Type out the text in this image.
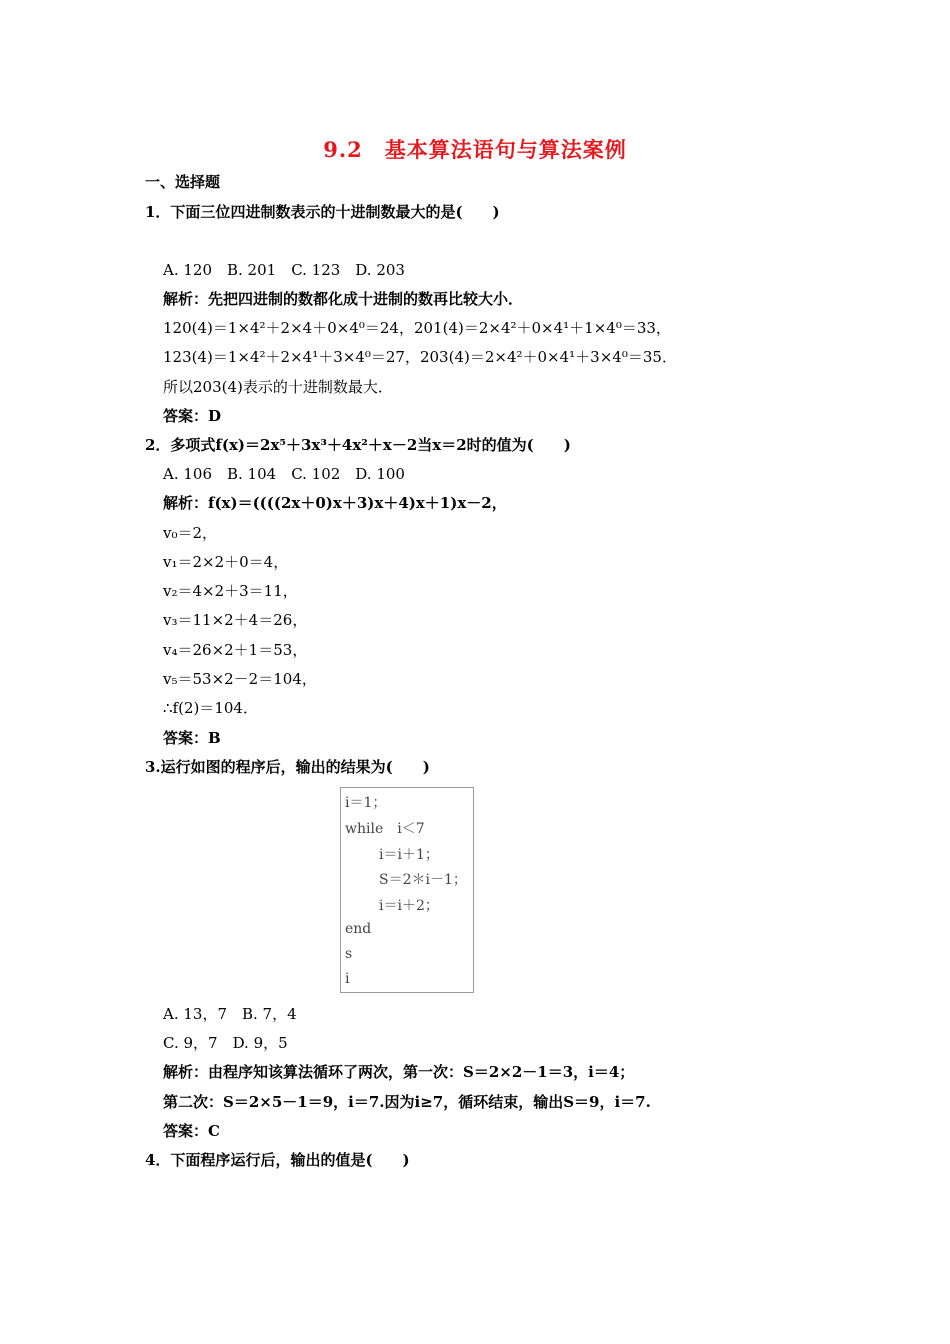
9.2　基本算法语句与算法案例
一、选择题
1．下面三位四进制数表示的十进制数最大的是(　　)
A. 120　B. 201　C. 123　D. 203
解析：先把四进制的数都化成十进制的数再比较大小．
120(4)＝1×4²＋2×4＋0×4⁰＝24，201(4)＝2×4²＋0×4¹＋1×4⁰＝33，
123(4)＝1×4²＋2×4¹＋3×4⁰＝27，203(4)＝2×4²＋0×4¹＋3×4⁰＝35．
所以203(4)表示的十进制数最大．
答案：D
2．多项式f(x)＝2x⁵＋3x³＋4x²＋x－2当x＝2时的值为(　　)
A. 106　B. 104　C. 102　D. 100
解析：f(x)＝((((2x＋0)x＋3)x＋4)x＋1)x－2，
v₀＝2，
v₁＝2×2＋0＝4，
v₂＝4×2＋3＝11，
v₃＝11×2＋4＝26，
v₄＝26×2＋1＝53，
v₅＝53×2－2＝104，
∴f(2)＝104．
答案：B
3.运行如图的程序后，输出的结果为(　　)
i＝1；
while　i＜7
i＝i＋1；
S＝2＊i－1；
i＝i＋2；
end
s
i
A. 13，7　B. 7，4
C. 9，7　D. 9，5
解析：由程序知该算法循环了两次，第一次：S＝2×2－1＝3，i＝4；
第二次：S＝2×5－1＝9，i＝7.因为i≥7，循环结束，输出S＝9，i＝7.
答案：C
4．下面程序运行后，输出的值是(　　)
